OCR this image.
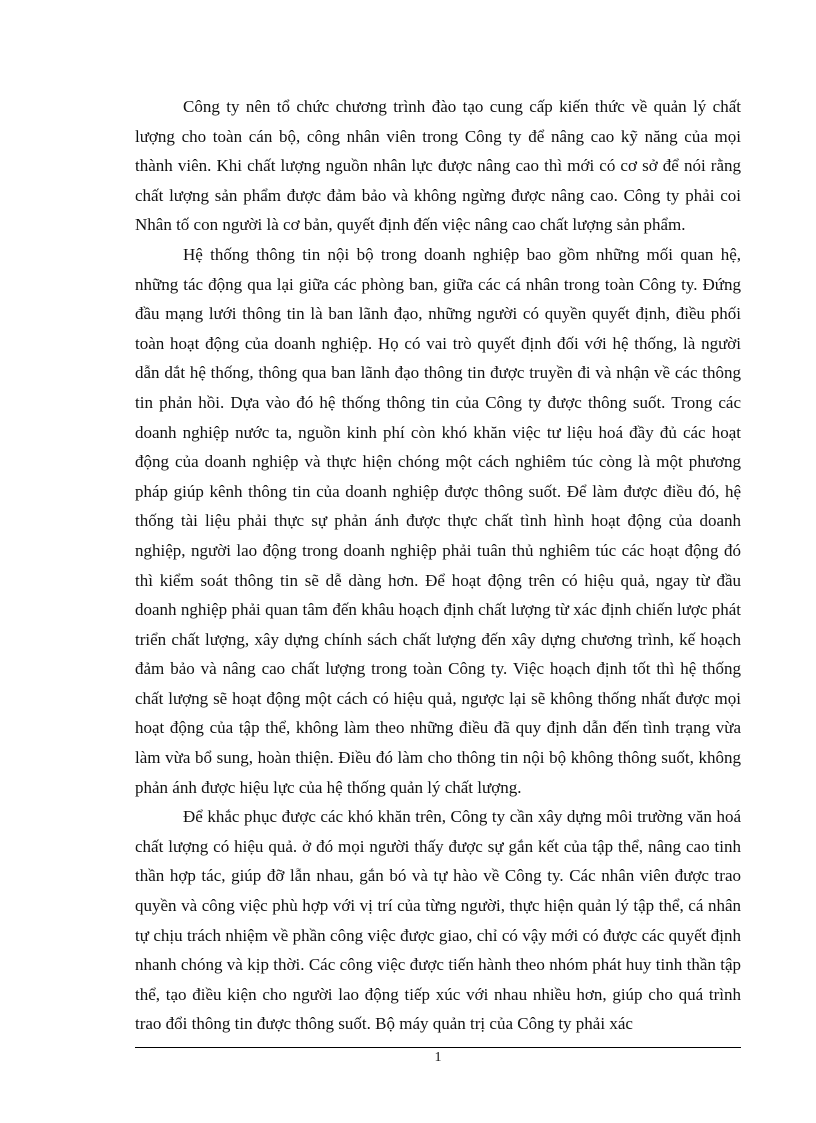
Công ty nên tổ chức chương trình đào tạo cung cấp kiến thức về quản lý chất lượng cho toàn cán bộ, công nhân viên trong Công ty để nâng cao kỹ năng của mọi thành viên. Khi chất lượng nguồn nhân lực được nâng cao thì mới có cơ sở để nói rằng chất lượng sản phẩm được đảm bảo và không ngừng được nâng cao. Công ty phải coi Nhân tố con người là cơ bản, quyết định đến việc nâng cao chất lượng sản phẩm.

Hệ thống thông tin nội bộ trong doanh nghiệp bao gồm những mối quan hệ, những tác động qua lại giữa các phòng ban, giữa các cá nhân trong toàn Công ty. Đứng đầu mạng lưới thông tin là ban lãnh đạo, những người có quyền quyết định, điều phối toàn hoạt động của doanh nghiệp. Họ có vai trò quyết định đối với hệ thống, là người dẫn dắt hệ thống, thông qua ban lãnh đạo thông tin được truyền đi và nhận về các thông tin phản hồi. Dựa vào đó hệ thống thông tin của Công ty được thông suốt. Trong các doanh nghiệp nước ta, nguồn kinh phí còn khó khăn việc tư liệu hoá đầy đủ các hoạt động của doanh nghiệp và thực hiện chóng một cách nghiêm túc còng là một phương pháp giúp kênh thông tin của doanh nghiệp được thông suốt. Để làm được điều đó, hệ thống tài liệu phải thực sự phản ánh được thực chất tình hình hoạt động của doanh nghiệp, người lao động trong doanh nghiệp phải tuân thủ nghiêm túc các hoạt động đó thì kiểm soát thông tin sẽ dễ dàng hơn. Để hoạt động trên có hiệu quả, ngay từ đầu doanh nghiệp phải quan tâm đến khâu hoạch định chất lượng từ xác định chiến lược phát triển chất lượng, xây dựng chính sách chất lượng đến xây dựng chương trình, kế hoạch đảm bảo và nâng cao chất lượng trong toàn Công ty. Việc hoạch định tốt thì hệ thống chất lượng sẽ hoạt động một cách có hiệu quả, ngược lại sẽ không thống nhất được mọi hoạt động của tập thể, không làm theo những điều đã quy định dẫn đến tình trạng vừa làm vừa bổ sung, hoàn thiện. Điều đó làm cho thông tin nội bộ không thông suốt, không phản ánh được hiệu lực của hệ thống quản lý chất lượng.

Để khắc phục được các khó khăn trên, Công ty cần xây dựng môi trường văn hoá chất lượng có hiệu quả. ở đó mọi người thấy được sự gắn kết của tập thể, nâng cao tinh thần hợp tác, giúp đỡ lẫn nhau, gắn bó và tự hào về Công ty. Các nhân viên được trao quyền và công việc phù hợp với vị trí của từng người, thực hiện quản lý tập thể, cá nhân tự chịu trách nhiệm về phần công việc được giao, chỉ có vậy mới có được các quyết định nhanh chóng và kịp thời. Các công việc được tiến hành theo nhóm phát huy tinh thần tập thể, tạo điều kiện cho người lao động tiếp xúc với nhau nhiều hơn, giúp cho quá trình trao đổi thông tin được thông suốt. Bộ máy quản trị của Công ty phải xác

1
